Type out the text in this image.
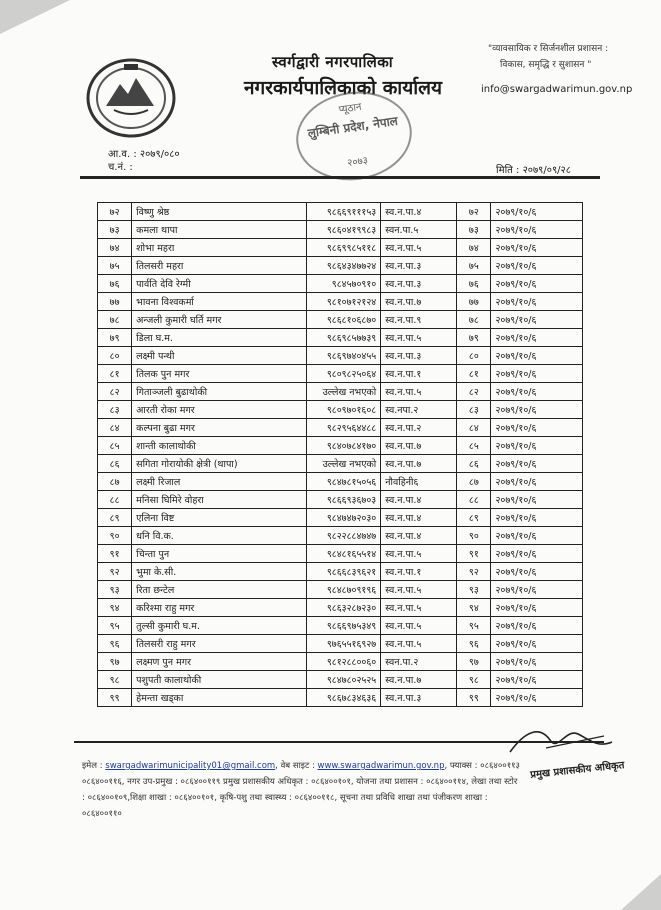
स्वर्गद्वारी नगरपालिका
नगरकार्यपालिकाको कार्यालय
प्यूठान
लुम्बिनी प्रदेश, नेपाल
२०७३
"व्यावसायिक र सिर्जनशील प्रशासन :
विकास, समृद्धि र सुशासन "
info@swargadwarimun.gov.np
आ.व. : २०७९/०८०
च.नं. :	मिति : २०७९/०९/२८
७२	विष्णु श्रेष्ठ	९८६६९१११५३	स्व.न.पा.४	७२	२०७९/१०/६
७३	कमला थापा	९८६०४१९९८३	स्वन.पा.५	७३	२०७९/१०/६
७४	शोभा महरा	९८६९९८५११८	स्व.न.पा.५	७४	२०७९/१०/६
७५	तिलसरी महरा	९८६४३४७७२४	स्व.न.पा.३	७५	२०७९/१०/६
७६	पार्वति देवि रेग्मी	९८४५७०९१०	स्व.न.पा.३	७६	२०७९/१०/६
७७	भावना विश्वकर्मा	९८१०७१२१२४	स्व.न.पा.७	७७	२०७९/१०/६
७८	अन्जली कुमारी घर्ति मगर	९८६८१०६८७०	स्व.न.पा.९	७८	२०७९/१०/६
७९	डिला घ.म.	९८६९८५७७३९	स्व.न.पा.५	७९	२०७९/१०/६
८०	लक्ष्मी पन्थी	९८६९७४०४५५	स्व.न.पा.३	८०	२०७९/१०/६
८१	तिलक पुन मगर	९८०९८२५०६४	स्व.न.पा.१	८१	२०७९/१०/६
८२	गिताञ्जली बुढाथोकी	उल्लेख नभएको	स्व.न.पा.५	८२	२०७९/१०/६
८३	आरती रोका मगर	९८०९७०१६०८	स्व.नपा.२	८३	२०७९/१०/६
८४	कल्पना बुढा मगर	९८२९५६४४८८	स्व.न.पा.२	८४	२०७९/१०/६
८५	शान्ती कालाथोकी	९८४०७८४१७०	स्व.न.पा.७	८५	२०७९/१०/६
८६	सगिता गोरायोकी क्षेत्री (थापा)	उल्लेख नभएको	स्व.न.पा.७	८६	२०७९/१०/६
८७	लक्ष्मी रिजाल	९८४७८१५०५६	नौवहिनी६	८७	२०७९/१०/६
८८	मनिसा घिमिरे वोहरा	९८६६९३६७०३	स्व.न.पा.४	८८	२०७९/१०/६
८९	एलिना विष्ट	९८४७४७२०३०	स्व.न.पा.४	८९	२०७९/१०/६
९०	धनि वि.क.	९८२२८८४७४७	स्व.न.पा.४	९०	२०७९/१०/६
९१	चिन्ता पुन	९८४८१६५५१४	स्व.न.पा.५	९१	२०७९/१०/६
९२	भुमा के.सी.	९८६६८३९६२१	स्व.न.पा.१	९२	२०७९/१०/६
९३	रिता छन्टेल	९८४८७०९१९६	स्व.न.पा.५	९३	२०७९/१०/६
९४	करिश्मा राहु मगर	९८६३२८७२३०	स्व.न.पा.५	९४	२०७९/१०/६
९५	तुल्सी कुमारी घ.म.	९८६६९७५३४९	स्व.न.पा.५	९५	२०७९/१०/६
९६	तिलसरी राहु मगर	९७६५५१६९२७	स्व.न.पा.५	९६	२०७९/१०/६
९७	लक्ष्मण पुन मगर	९८१२८८००६०	स्वन.पा.२	९७	२०७९/१०/६
९८	पशुपती कालाथोकी	९८४७८०२५२५	स्व.न.पा.७	९८	२०७९/१०/६
९९	हेमन्ता खड्का	९८६७८३४६३६	स्व.न.पा.३	९९	२०७९/१०/६
प्रमुख प्रशासकीय अधिकृत
इमेल : swargadwarimunicipality01@gmail.com, वेब साइट : www.swargadwarimun.gov.np, फ्याक्स : ०८६४००११३
०८६४००११६, नगर उप-प्रमुख : ०८६४००११९ प्रमुख प्रशासकीय अधिकृत : ०८६४००१०१, योजना तथा प्रशासन : ०८६४००११४, लेखा तथा स्टोर
: ०८६४००१०९,शिक्षा शाखा : ०८६४००१०१, कृषि-पशु तथा स्वास्थ्य : ०८६४००११८, सूचना तथा प्रविधि शाखा तथा पंजीकरण शाखा :
०८६४००११०
